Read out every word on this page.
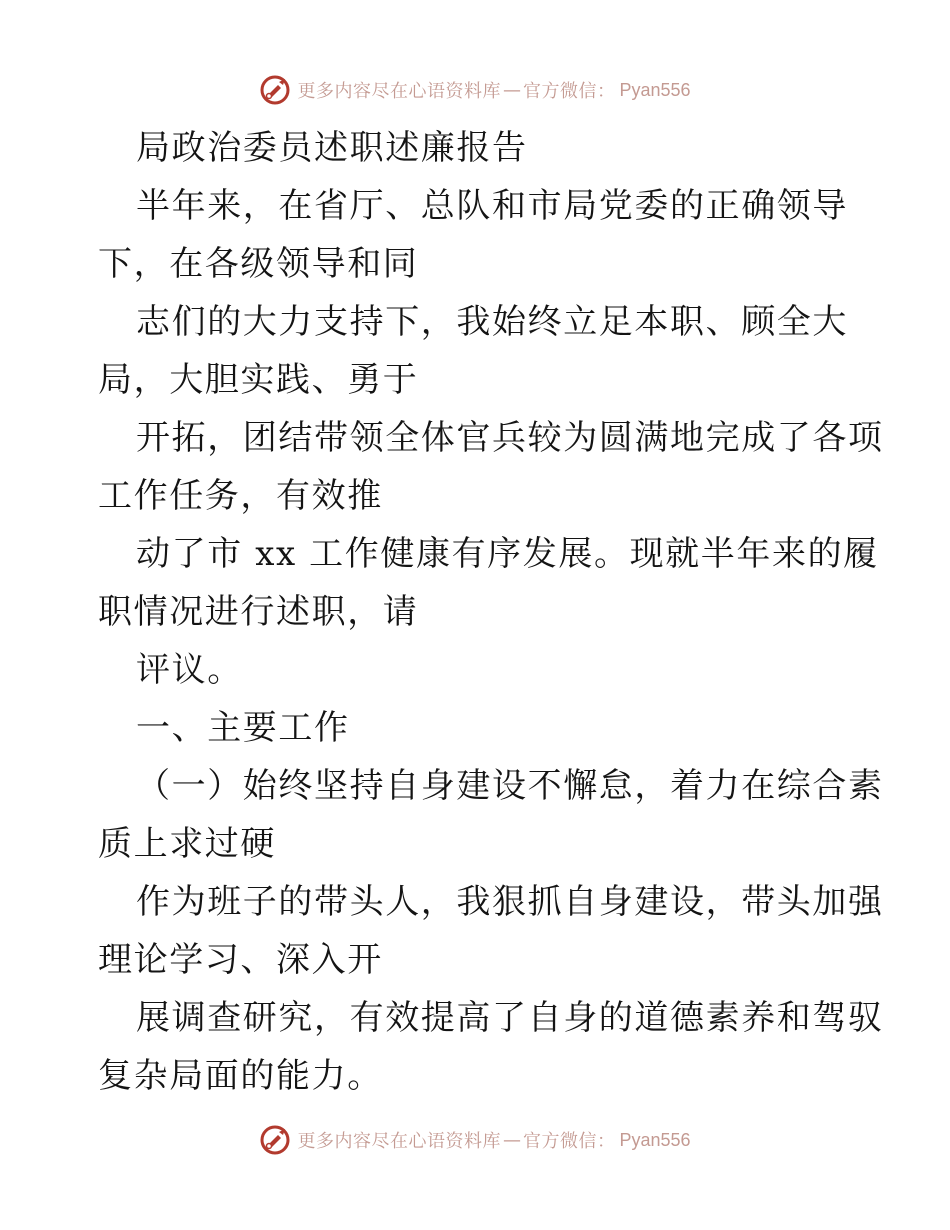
更多内容尽在心语资料库 — 官方微信： Pyan556
局政治委员述职述廉报告
半年来，在省厅、总队和市局党委的正确领导
下，在各级领导和同
志们的大力支持下，我始终立足本职、顾全大
局，大胆实践、勇于
开拓，团结带领全体官兵较为圆满地完成了各项
工作任务，有效推
动了市 xx 工作健康有序发展。现就半年来的履
职情况进行述职，请
评议。
一、主要工作
（一）始终坚持自身建设不懈怠，着力在综合素
质上求过硬
作为班子的带头人，我狠抓自身建设，带头加强
理论学习、深入开
展调查研究，有效提高了自身的道德素养和驾驭
复杂局面的能力。
更多内容尽在心语资料库 — 官方微信： Pyan556
